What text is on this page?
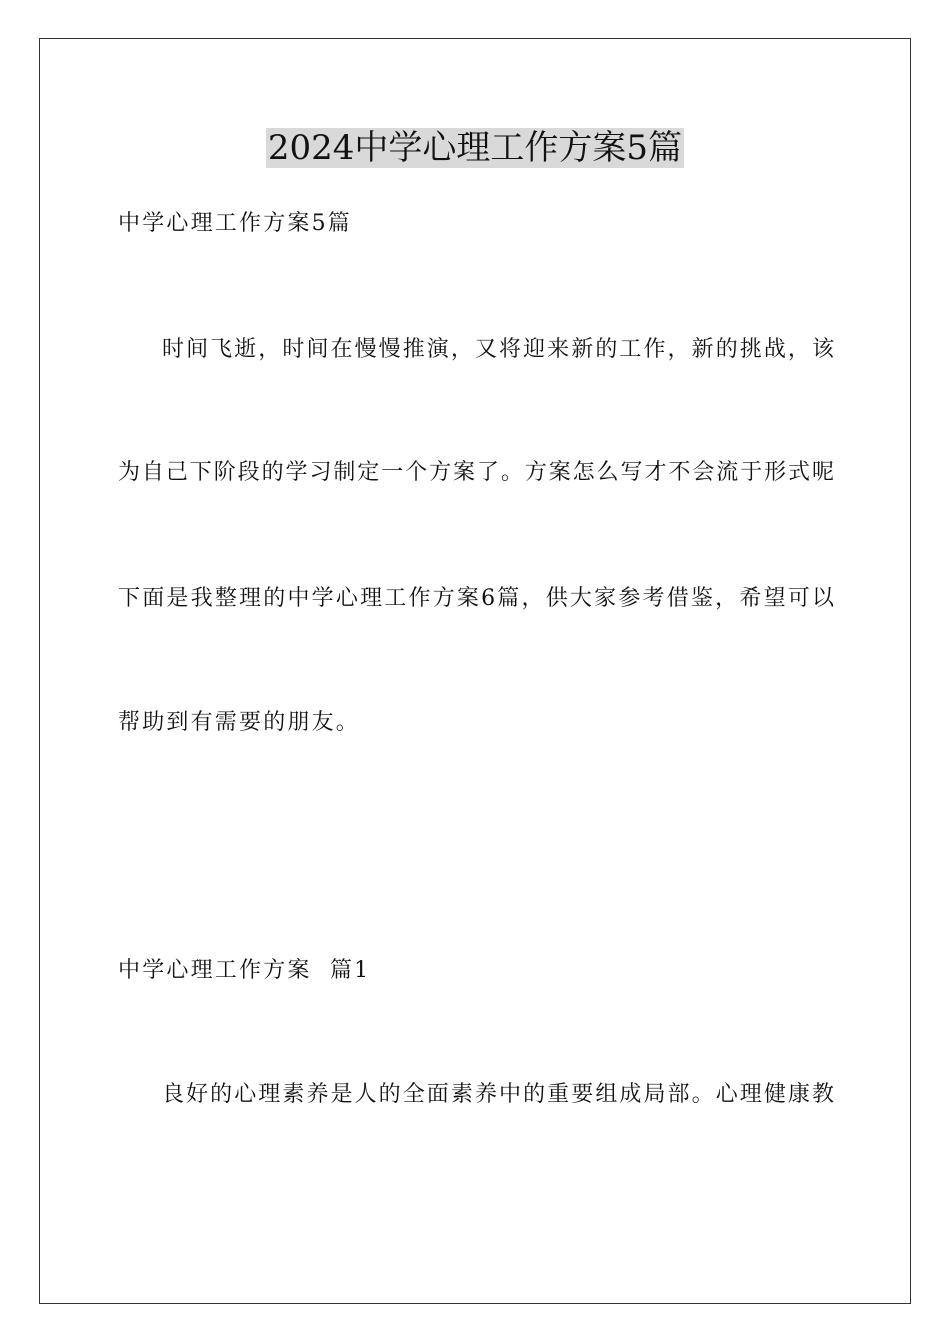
2024中学心理工作方案5篇

中学心理工作方案5篇

时间飞逝，时间在慢慢推演，又将迎来新的工作，新的挑战，该

为自己下阶段的学习制定一个方案了。方案怎么写才不会流于形式呢

下面是我整理的中学心理工作方案6篇，供大家参考借鉴，希望可以

帮助到有需要的朋友。

中学心理工作方案  篇1

良好的心理素养是人的全面素养中的重要组成局部。心理健康教
